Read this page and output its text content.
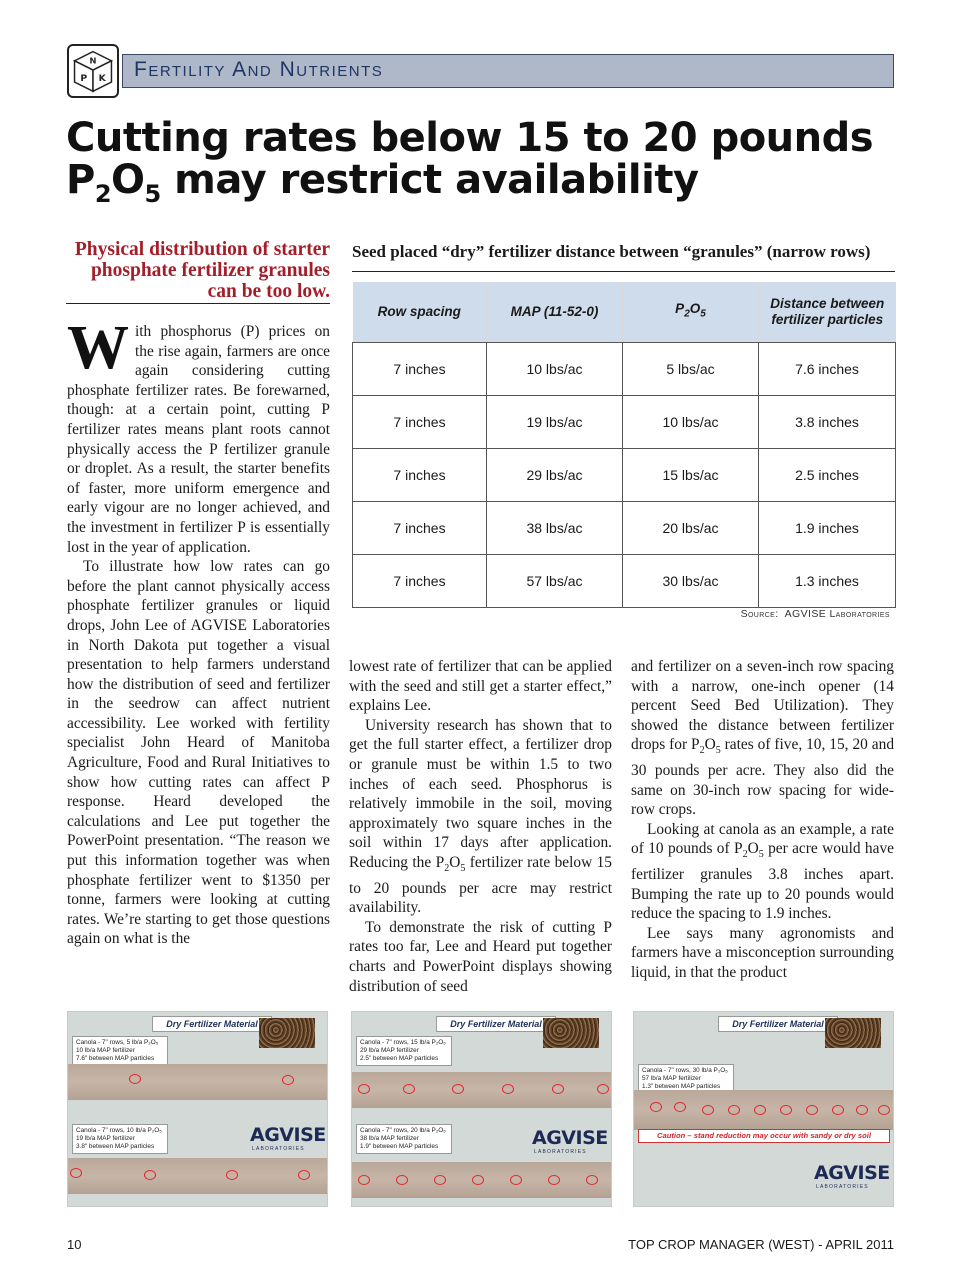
N
P K Fertility And Nutrients
Cutting rates below 15 to 20 pounds
$P_2O_5$ may restrict availability
Physical distribution of starter phosphate fertilizer granules can be too low.
Seed placed “dry” fertilizer distance between “granules” (narrow rows)
Row spacing	MAP (11-52-0)	$P_2O_5$	Distance between fertilizer particles
7 inches	10 lbs/ac	5 lbs/ac	7.6 inches
7 inches	19 lbs/ac	10 lbs/ac	3.8 inches
7 inches	29 lbs/ac	15 lbs/ac	2.5 inches
7 inches	38 lbs/ac	20 lbs/ac	1.9 inches
7 inches	57 lbs/ac	30 lbs/ac	1.3 inches
Source: AGVISE Laboratories

With phosphorus (P) prices on the rise again, farmers are once again considering cutting phosphate fertilizer rates. Be forewarned, though: at a certain point, cutting P fertilizer rates means plant roots cannot physically access the P fertilizer granule or droplet. As a result, the starter benefits of faster, more uniform emergence and early vigour are no longer achieved, and the investment in fertilizer P is essentially lost in the year of application.

To illustrate how low rates can go before the plant cannot physically access phosphate fertilizer granules or liquid drops, John Lee of AGVISE Laboratories in North Dakota put together a visual presentation to help farmers understand how the distribution of seed and fertilizer in the seedrow can affect nutrient accessibility. Lee worked with fertility specialist John Heard of Manitoba Agriculture, Food and Rural Initiatives to show how cutting rates can affect P response. Heard developed the calculations and Lee put together the PowerPoint presentation. “The reason we put this information together was when phosphate fertilizer went to $1350 per tonne, farmers were looking at cutting rates. We’re starting to get those questions again on what is the

lowest rate of fertilizer that can be applied with the seed and still get a starter effect,” explains Lee.

University research has shown that to get the full starter effect, a fertilizer drop or granule must be within 1.5 to two inches of each seed. Phosphorus is relatively immobile in the soil, moving approximately two square inches in the soil within 17 days after application. Reducing the $P_2O_5$ fertilizer rate below 15 to 20 pounds per acre may restrict availability.

To demonstrate the risk of cutting P rates too far, Lee and Heard put together charts and PowerPoint displays showing distribution of seed

and fertilizer on a seven-inch row spacing with a narrow, one-inch opener (14 percent Seed Bed Utilization). They showed the distance between fertilizer drops for $P_2O_5$ rates of five, 10, 15, 20 and 30 pounds per acre. They also did the same on 30-inch row spacing for wide-row crops.

Looking at canola as an example, a rate of 10 pounds of $P_2O_5$ per acre would have fertilizer granules 3.8 inches apart. Bumping the rate up to 20 pounds would reduce the spacing to 1.9 inches.

Lee says many agronomists and farmers have a misconception surrounding liquid, in that the product

Dry Fertilizer Material
Canola - 7" rows, 5 lb/a P₂O₅
10 lb/a MAP fertilizer
7.6" between MAP particles
Canola - 7" rows, 10 lb/a P₂O₅
19 lb/a MAP fertilizer
3.8" between MAP particles
AGVISE
LABORATORIES
Dry Fertilizer Material
Canola - 7" rows, 15 lb/a P₂O₅
29 lb/a MAP fertilizer
2.5" between MAP particles
Canola - 7" rows, 20 lb/a P₂O₅
38 lb/a MAP fertilizer
1.9" between MAP particles	AGVISE
LABORATORIES
Dry Fertilizer Material
Canola - 7" rows, 30 lb/a P₂O₅
57 lb/a MAP fertilizer
1.3" between MAP particles
Caution – stand reduction may occur with sandy or dry soil
AGVISE
LABORATORIES
10	TOP CROP MANAGER (WEST) - APRIL 2011
